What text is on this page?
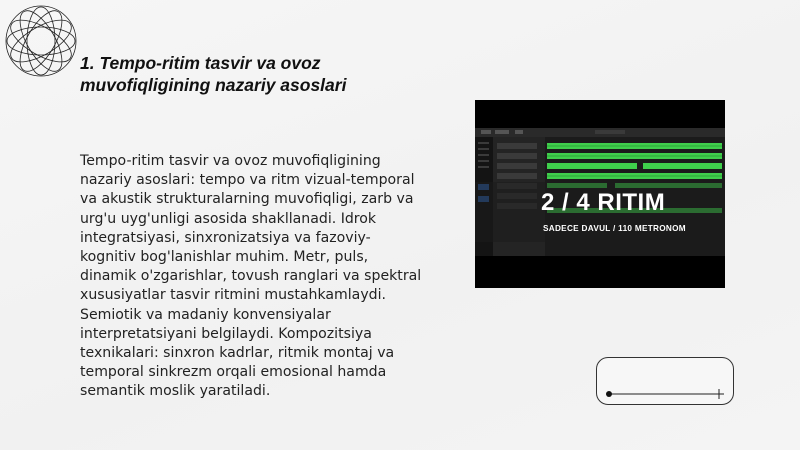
1. Tempo-ritim tasvir va ovoz muvofiqligining nazariy asoslari

Tempo-ritim tasvir va ovoz muvofiqligining nazariy asoslari: tempo va ritm vizual-temporal va akustik strukturalarning muvofiqligi, zarb va urg'u uyg'unligi asosida shakllanadi. Idrok integratsiyasi, sinxronizatsiya va fazoviy-kognitiv bog'lanishlar muhim. Metr, puls, dinamik o'zgarishlar, tovush ranglari va spektral xususiyatlar tasvir ritmini mustahkamlaydi. Semiotik va madaniy konvensiyalar interpretatsiyani belgilaydi. Kompozitsiya texnikalari: sinxron kadrlar, ritmik montaj va temporal sinkrezm orqali emosional hamda semantik moslik yaratiladi.

2 / 4 RITIM
SADECE DAVUL / 110 METRONOM
